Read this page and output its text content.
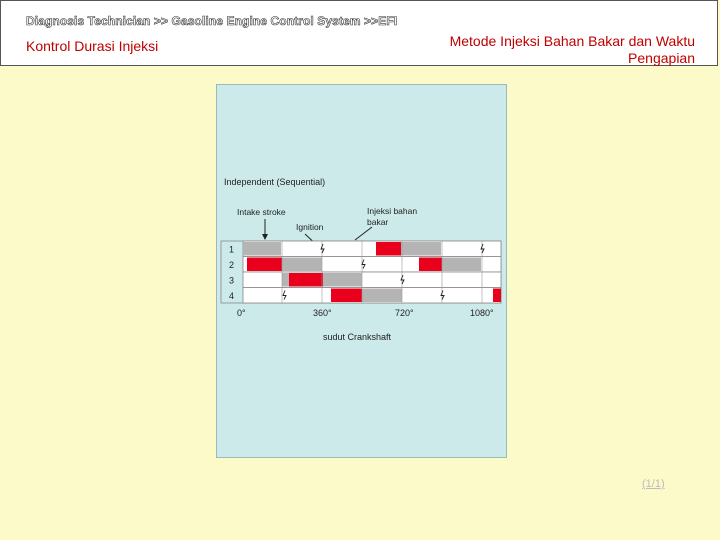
Diagnosis Technician >> Gasoline Engine Control System >>EFI
Kontrol Durasi Injeksi	Metode Injeksi Bahan Bakar dan Waktu Pengapian
Independent (Sequential)
Intake stroke
Ignition
Injeksi bahan bakar
1
2
3
4
0°	360°	720°	1080°
sudut Crankshaft
(1/1)
